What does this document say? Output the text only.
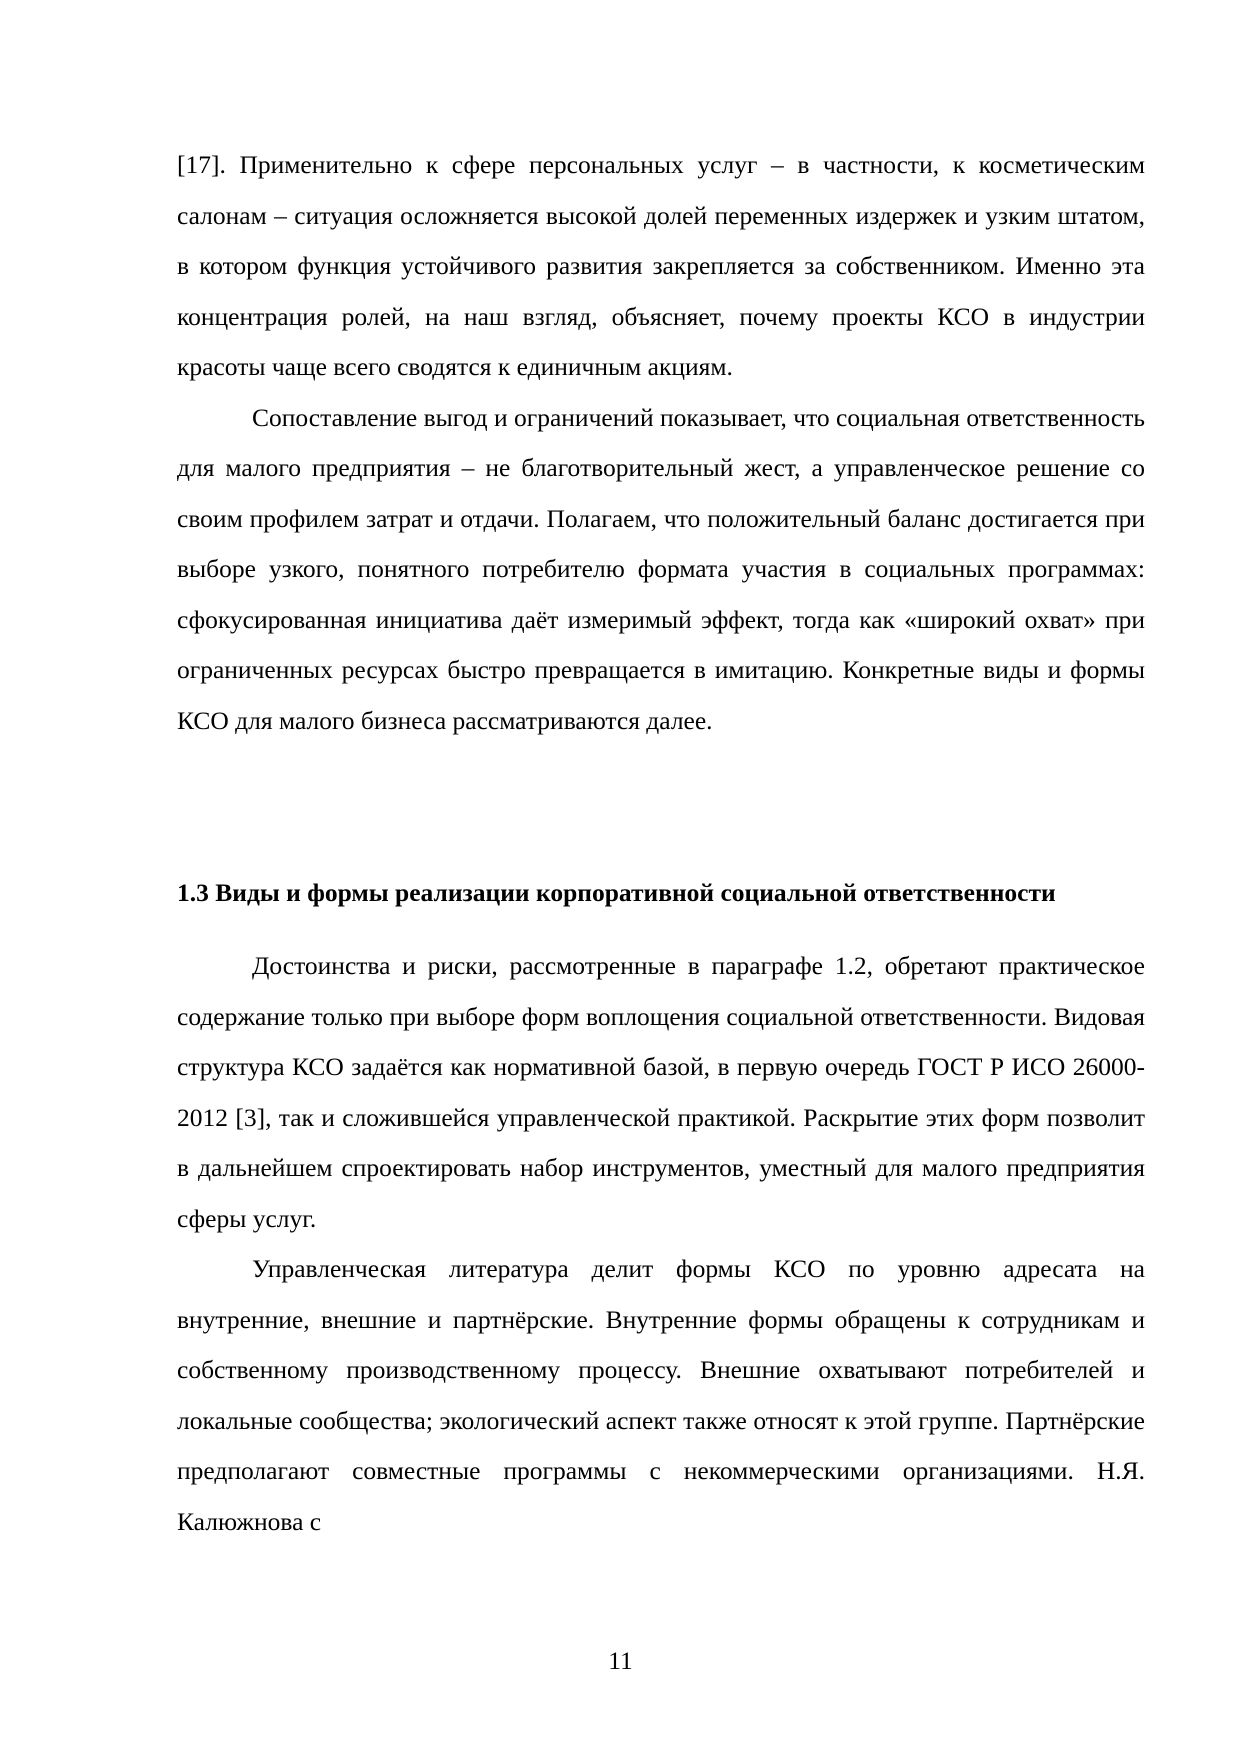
[17]. Применительно к сфере персональных услуг – в частности, к косметическим салонам – ситуация осложняется высокой долей переменных издержек и узким штатом, в котором функция устойчивого развития закрепляется за собственником. Именно эта концентрация ролей, на наш взгляд, объясняет, почему проекты КСО в индустрии красоты чаще всего сводятся к единичным акциям.

Сопоставление выгод и ограничений показывает, что социальная ответственность для малого предприятия – не благотворительный жест, а управленческое решение со своим профилем затрат и отдачи. Полагаем, что положительный баланс достигается при выборе узкого, понятного потребителю формата участия в социальных программах: сфокусированная инициатива даёт измеримый эффект, тогда как «широкий охват» при ограниченных ресурсах быстро превращается в имитацию. Конкретные виды и формы КСО для малого бизнеса рассматриваются далее.

1.3 Виды и формы реализации корпоративной социальной ответственности

Достоинства и риски, рассмотренные в параграфе 1.2, обретают практическое содержание только при выборе форм воплощения социальной ответственности. Видовая структура КСО задаётся как нормативной базой, в первую очередь ГОСТ Р ИСО 26000-2012 [3], так и сложившейся управленческой практикой. Раскрытие этих форм позволит в дальнейшем спроектировать набор инструментов, уместный для малого предприятия сферы услуг.

Управленческая литература делит формы КСО по уровню адресата на внутренние, внешние и партнёрские. Внутренние формы обращены к сотрудникам и собственному производственному процессу. Внешние охватывают потребителей и локальные сообщества; экологический аспект также относят к этой группе. Партнёрские предполагают совместные программы с некоммерческими организациями. Н.Я. Калюжнова с

11
